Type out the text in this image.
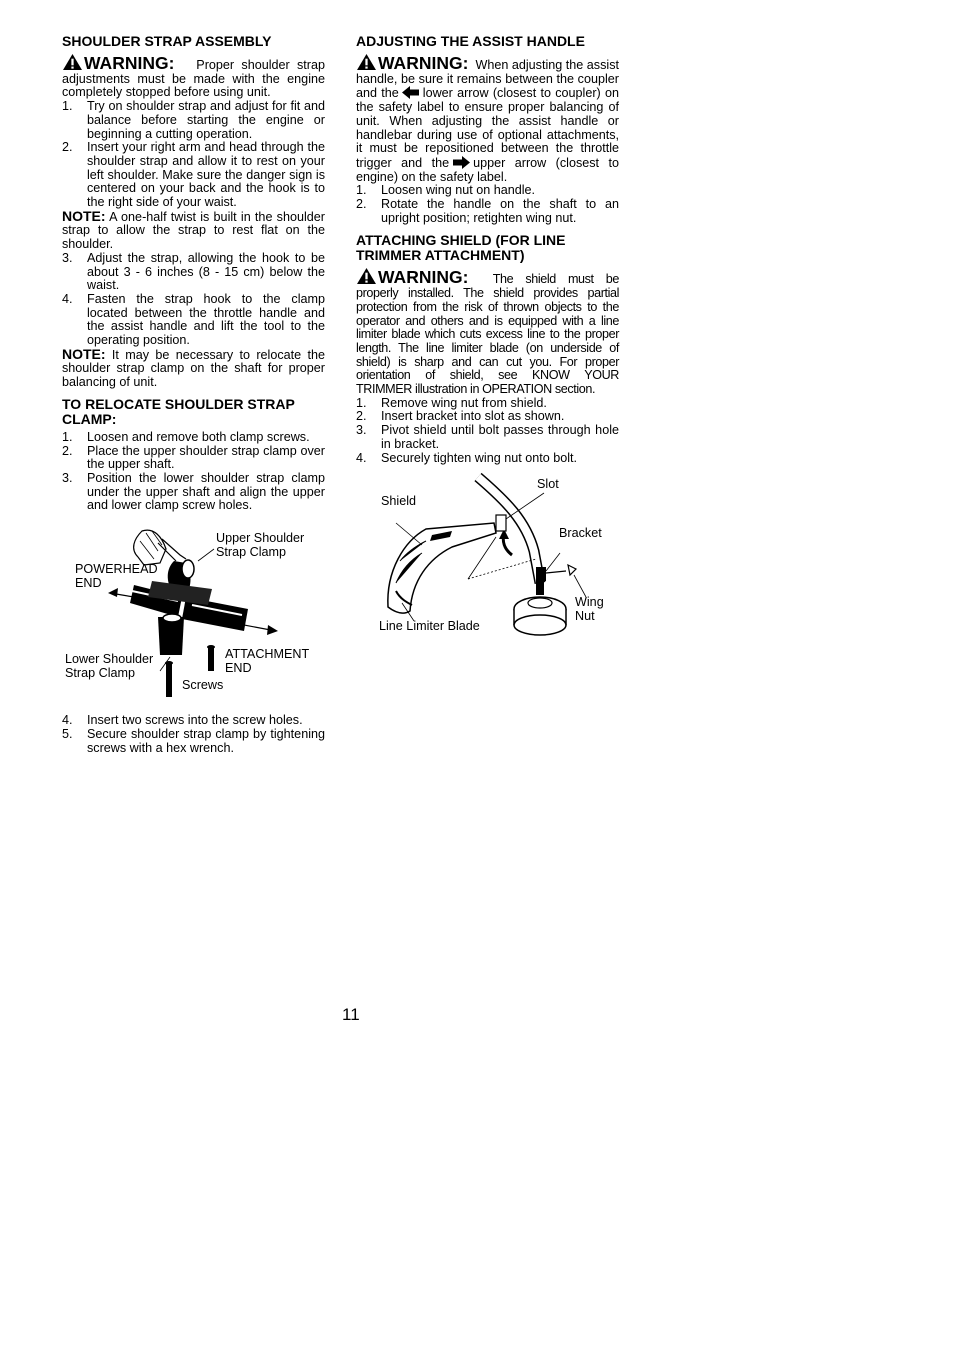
SHOULDER STRAP ASSEMBLY

WARNING: Proper shoulder strap adjustments must be made with the engine completely stopped before using unit.

1. Try on shoulder strap and adjust for fit and balance before starting the engine or beginning a cutting operation.
2. Insert your right arm and head through the shoulder strap and allow it to rest on your left shoulder. Make sure the danger sign is centered on your back and the hook is to the right side of your waist.

NOTE: A one-half twist is built in the shoulder strap to allow the strap to rest flat on the shoulder.

3. Adjust the strap, allowing the hook to be about 3 - 6 inches (8 - 15 cm) below the waist.
4. Fasten the strap hook to the clamp located between the throttle handle and the assist handle and lift the tool to the operating position.

NOTE: It may be necessary to relocate the shoulder strap clamp on the shaft for proper balancing of unit.

TO RELOCATE SHOULDER STRAP CLAMP:
1. Loosen and remove both clamp screws.
2. Place the upper shoulder strap clamp over the upper shaft.
3. Position the lower shoulder strap clamp under the upper shaft and align the upper and lower clamp screw holes.
Upper Shoulder
Strap Clamp
POWERHEAD
END
ATTACHMENT
END
Lower Shoulder
Strap Clamp
Screws
4. Insert two screws into the screw holes.
5. Secure shoulder strap clamp by tightening screws with a hex wrench.
ADJUSTING THE ASSIST HANDLE

WARNING: When adjusting the assist handle, be sure it remains between the coupler and the lower arrow (closest to coupler) on the safety label to ensure proper balancing of unit. When adjusting the assist handle or handlebar during use of optional attachments, it must be repositioned between the throttle trigger and the upper arrow (closest to engine) on the safety label.

1. Loosen wing nut on handle.
2. Rotate the handle on the shaft to an upright position; retighten wing nut.
ATTACHING SHIELD (FOR LINE TRIMMER ATTACHMENT)

WARNING: The shield must be properly installed. The shield provides partial protection from the risk of thrown objects to the operator and others and is equipped with a line limiter blade which cuts excess line to the proper length. The line limiter blade (on underside of shield) is sharp and can cut you. For proper orientation of shield, see KNOW YOUR TRIMMER illustration in OPERATION section.

1. Remove wing nut from shield.
2. Insert bracket into slot as shown.
3. Pivot shield until bolt passes through hole in bracket.
4. Securely tighten wing nut onto bolt.
Slot
Shield
Bracket
Wing
Nut
Line Limiter Blade
11
